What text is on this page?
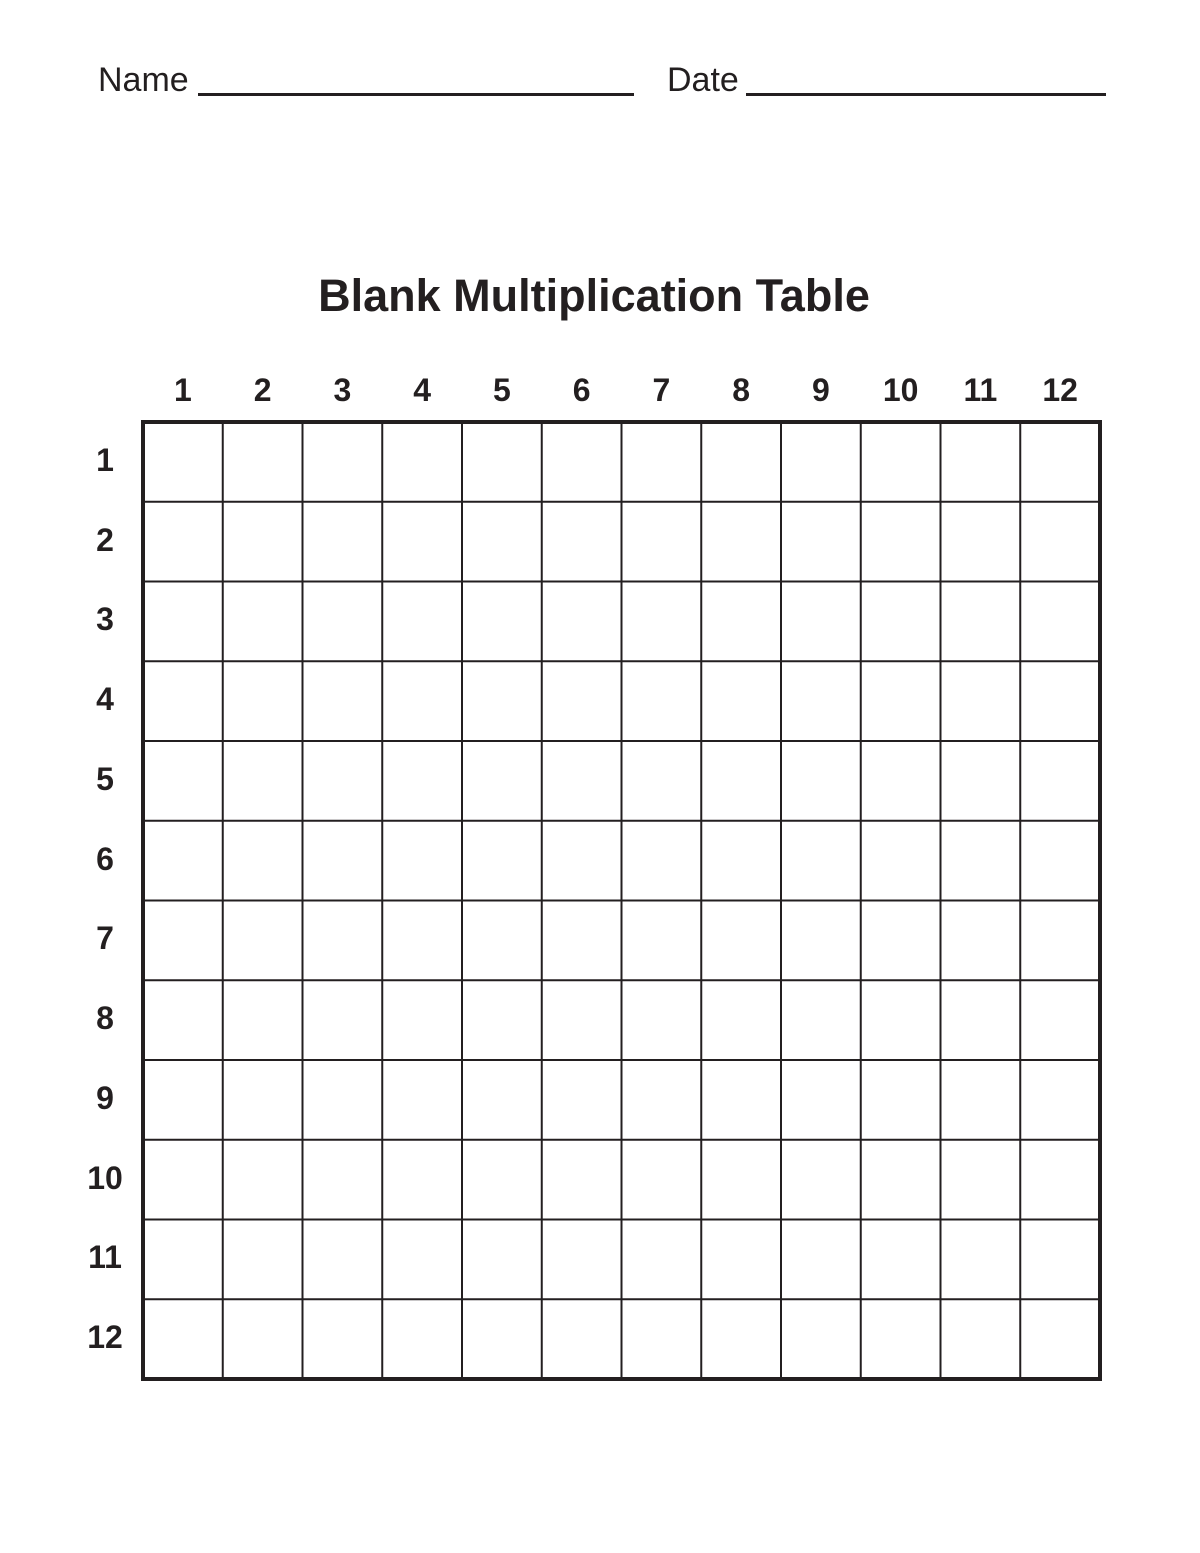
Name	Date
Blank Multiplication Table
1	2	3	4	5	6	7	8	9	10	11	12
1
2
3
4
5
6
7
8
9
10
11
12
